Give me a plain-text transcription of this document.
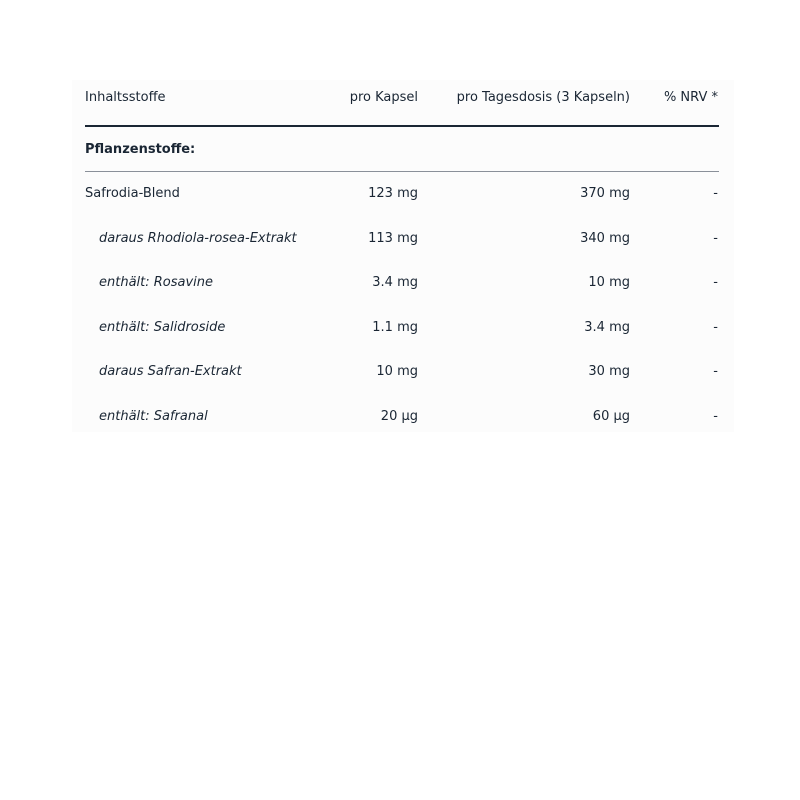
Inhaltsstoffe	pro Kapsel	pro Tagesdosis (3 Kapseln)	% NRV *
Pflanzenstoffe:
Safrodia-Blend	123 mg	370 mg	-
daraus Rhodiola-rosea-Extrakt	113 mg	340 mg	-
enthält: Rosavine	3.4 mg	10 mg	-
enthält: Salidroside	1.1 mg	3.4 mg	-
daraus Safran-Extrakt	10 mg	30 mg	-
enthält: Safranal	20 µg	60 µg	-
